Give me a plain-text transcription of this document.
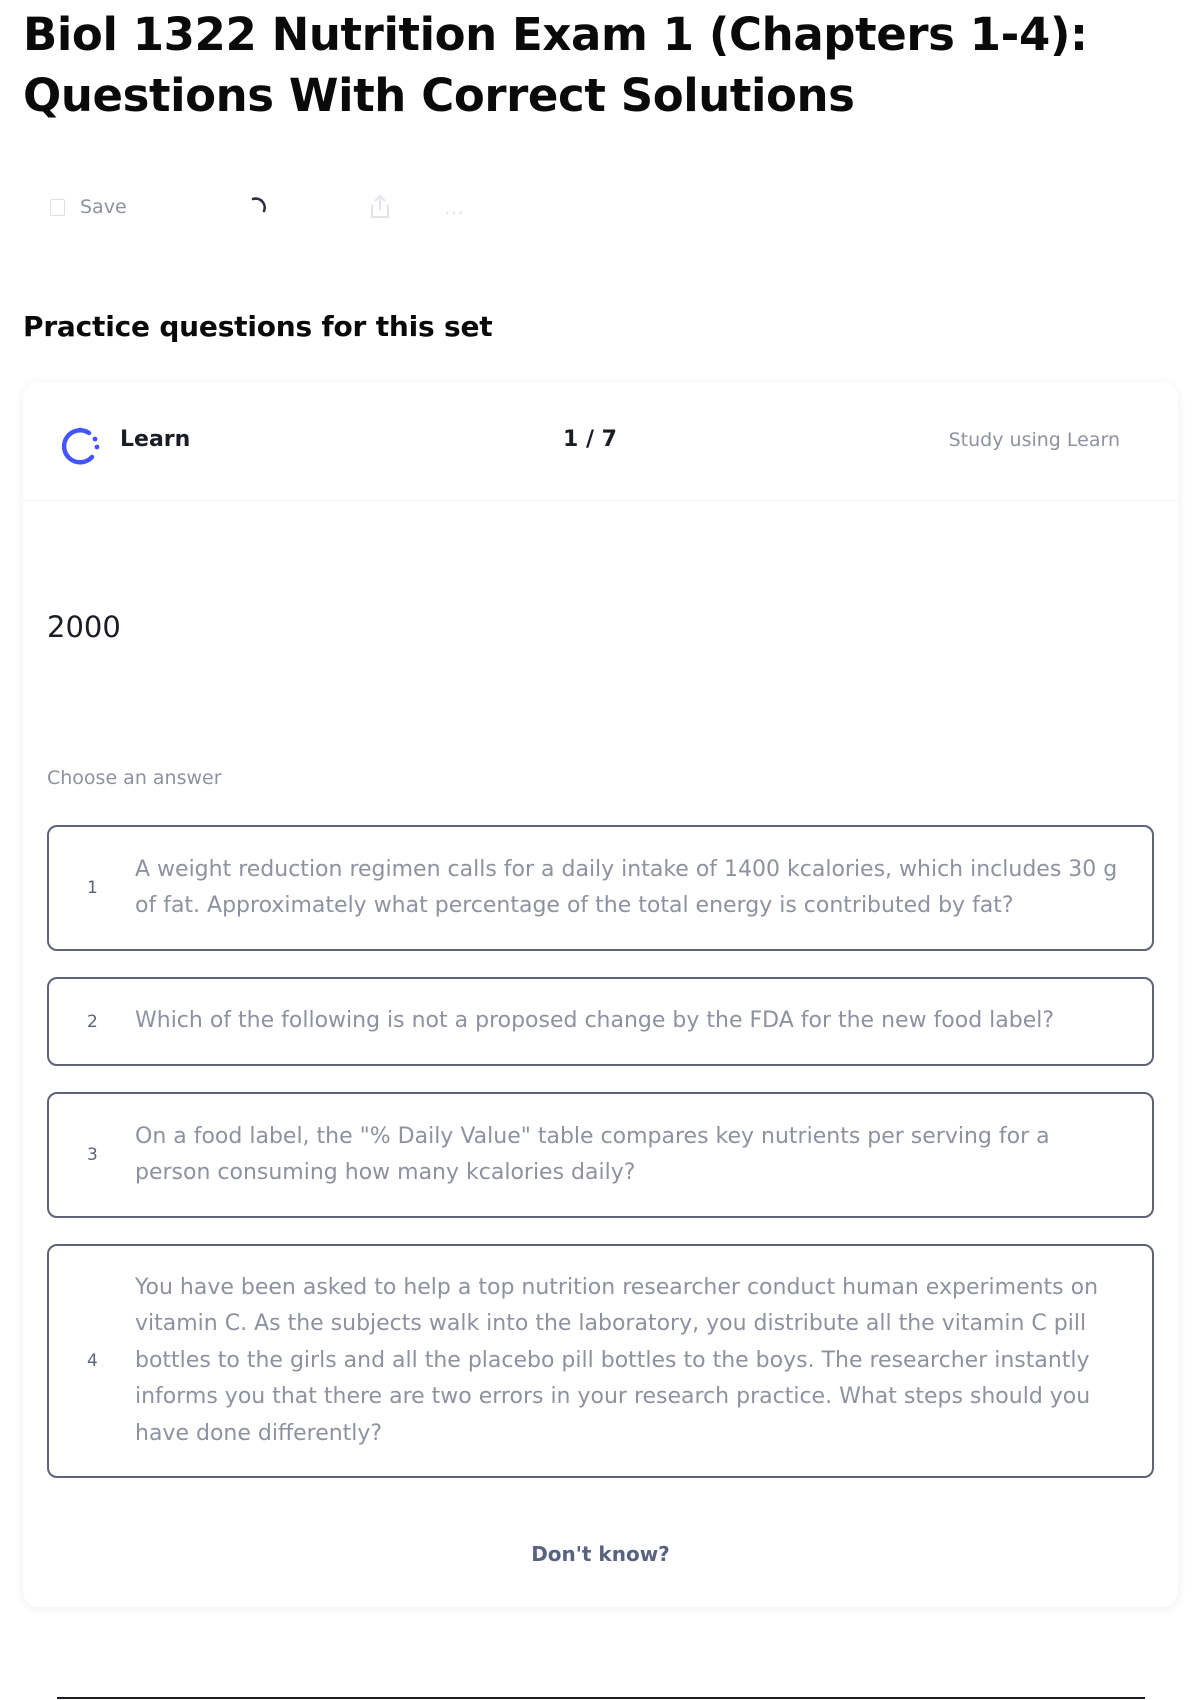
Biol 1322 Nutrition Exam 1 (Chapters 1-4): Questions With Correct Solutions
Save	…
Practice questions for this set
Learn	1 / 7	Study using Learn
2000
Choose an answer
1
A weight reduction regimen calls for a daily intake of 1400 kcalories, which includes 30 g of fat. Approximately what percentage of the total energy is contributed by fat?
2	Which of the following is not a proposed change by the FDA for the new food label?
3
On a food label, the "% Daily Value" table compares key nutrients per serving for a person consuming how many kcalories daily?
4
You have been asked to help a top nutrition researcher conduct human experiments on vitamin C. As the subjects walk into the laboratory, you distribute all the vitamin C pill bottles to the girls and all the placebo pill bottles to the boys. The researcher instantly informs you that there are two errors in your research practice. What steps should you have done differently?
Don't know?
